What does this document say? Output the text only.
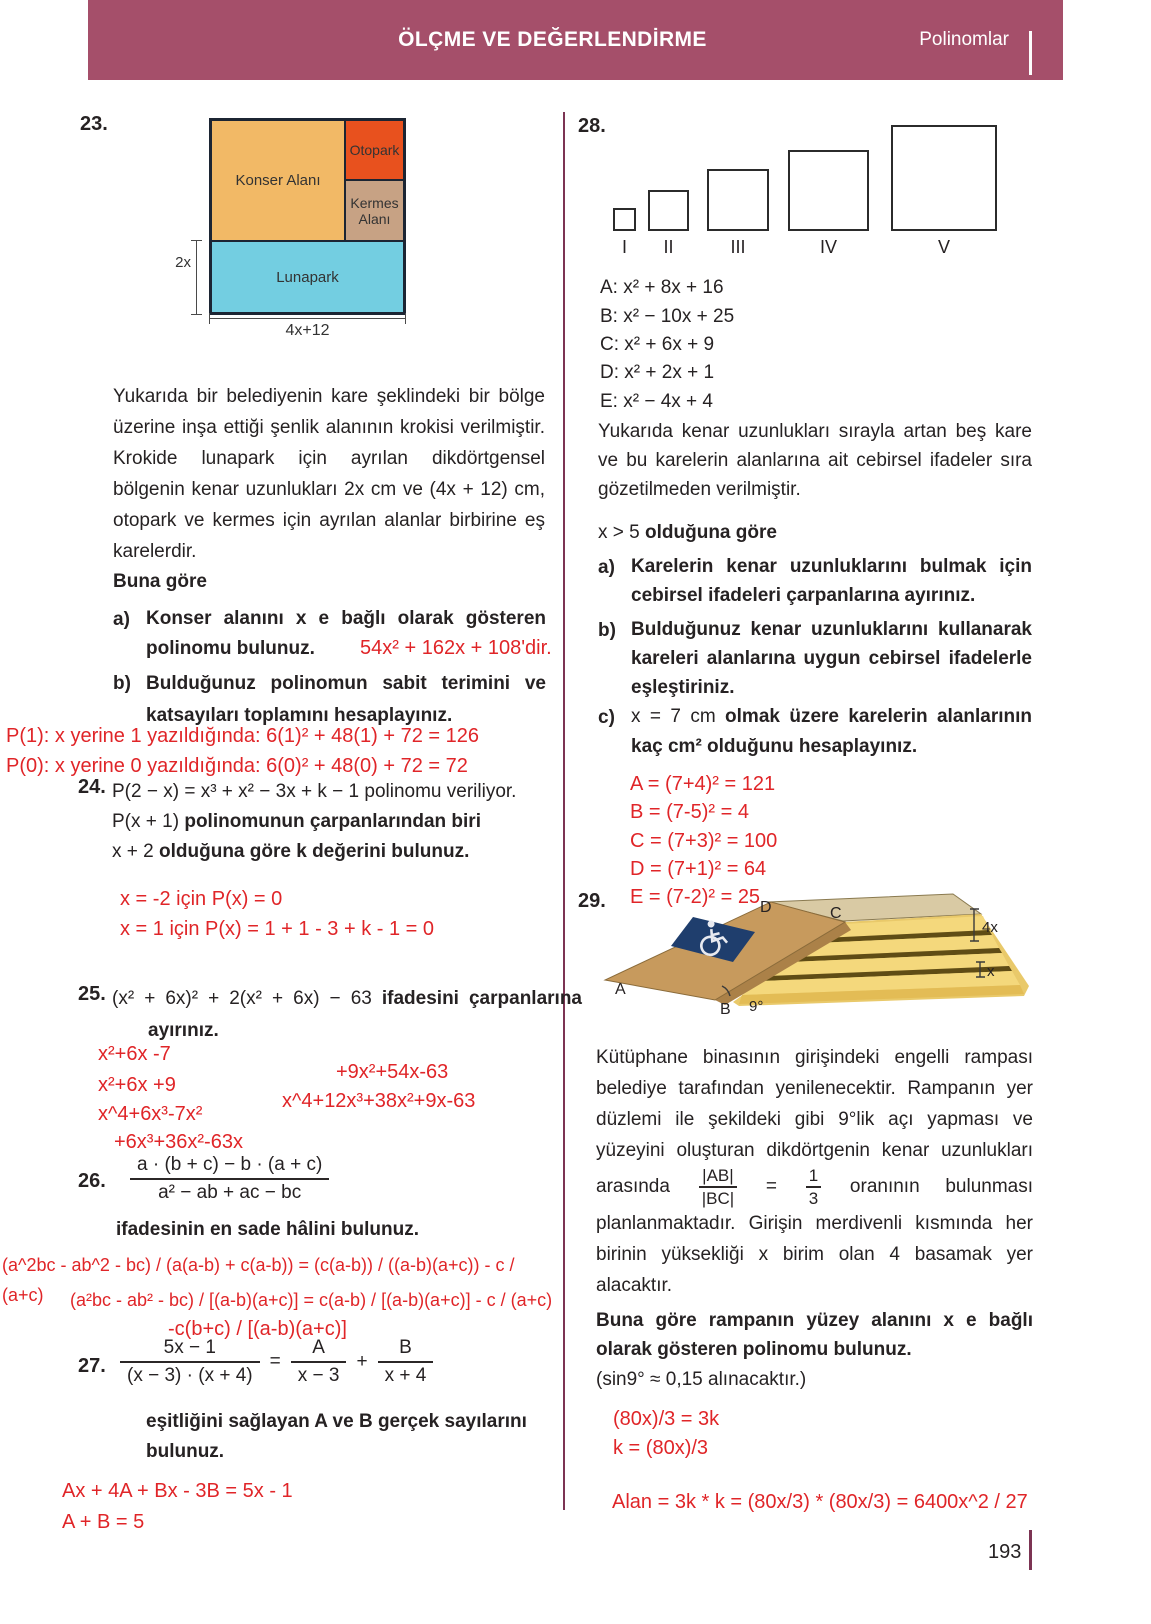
ÖLÇME VE DEĞERLENDİRME	Polinomlar
23.
Konser Alanı
Otopark
Kermes
Alanı
Lunapark
2x
4x+12
Yukarıda bir belediyenin kare şeklindeki bir bölge üzerine inşa ettiği şenlik alanının krokisi verilmiştir. Krokide lunapark için ayrılan dikdörtgensel bölgenin kenar uzunlukları 2x cm ve (4x + 12) cm, otopark ve kermes için ayrılan alanlar birbirine eş karelerdir.
Buna göre
a) Konser alanını x e bağlı olarak gösteren polinomu bulunuz.	54x² + 162x + 108'dir.
b) Bulduğunuz polinomun sabit terimini ve katsayıları toplamını hesaplayınız.
P(1): x yerine 1 yazıldığında: 6(1)² + 48(1) + 72 = 126
P(0): x yerine 0 yazıldığında: 6(0)² + 48(0) + 72 = 72
24. P(2 − x) = x³ + x² − 3x + k − 1 polinomu veriliyor.
P(x + 1) polinomunun çarpanlarından biri
x + 2 olduğuna göre k değerini bulunuz.
x = -2 için P(x) = 0
x = 1 için P(x) = 1 + 1 - 3 + k - 1 = 0
25. (x² + 6x)² + 2(x² + 6x) − 63 ifadesini çarpanlarına ayırınız.
x²+6x -7
x²+6x +9
x^4+6x³-7x²
+6x³+36x²-63x
+9x²+54x-63
x^4+12x³+38x²+9x-63
26. $\frac{a \cdot (b + c) - b \cdot (a + c)}{\text{a² − ab + ac − bc}}$
ifadesinin en sade hâlini bulunuz.
(a^2bc - ab^2 - bc) / (a(a-b) + c(a-b)) = (c(a-b)) / ((a-b)(a+c)) - c /
(a+c) (a²bc - ab² - bc) / [(a-b)(a+c)] = c(a-b) / [(a-b)(a+c)] - c / (a+c)
-c(b+c) / [(a-b)(a+c)]
27. $\frac{5x - 1}{(x - 3) \cdot (x + 4)} = \frac{A}{x - 3} + \frac{B}{x + 4}$
eşitliğini sağlayan A ve B gerçek sayılarını
bulunuz.
Ax + 4A + Bx - 3B = 5x - 1
A + B = 5
28.
I	II	III	IV	V
A: x² + 8x + 16
B: x² − 10x + 25
C: x² + 6x + 9
D: x² + 2x + 1
E: x² − 4x + 4
Yukarıda kenar uzunlukları sırayla artan beş kare ve bu karelerin alanlarına ait cebirsel ifadeler sıra gözetilmeden verilmiştir.
x > 5 olduğuna göre
a) Karelerin kenar uzunluklarını bulmak için cebirsel ifadeleri çarpanlarına ayırınız.
b) Bulduğunuz kenar uzunluklarını kullanarak kareleri alanlarına uygun cebirsel ifadelerle eşleştiriniz.
c) x = 7 cm olmak üzere karelerin alanlarının kaç cm² olduğunu hesaplayınız.
A = (7+4)² = 121
B = (7-5)² = 4
C = (7+3)² = 100
D = (7+1)² = 64
E = (7-2)² = 25
29.
A
B 9°
D	C
4x
x
Kütüphane binasının girişindeki engelli rampası belediye tarafından yenilenecektir. Rampanın yer düzlemi ile şekildeki gibi 9°lik açı yapması ve yüzeyini oluşturan dikdörtgenin kenar uzunlukları arasında $\frac{|AB|}{|BC|} = \frac{1}{3}$ oranının bulunması planlanmaktadır. Girişin merdivenli kısmında her birinin yüksekliği x birim olan 4 basamak yer alacaktır.
Buna göre rampanın yüzey alanını x e bağlı olarak gösteren polinomu bulunuz.
(sin9° ≈ 0,15 alınacaktır.)
(80x)/3 = 3k
k = (80x)/3
Alan = 3k * k = (80x/3) * (80x/3) = 6400x^2 / 27
193
